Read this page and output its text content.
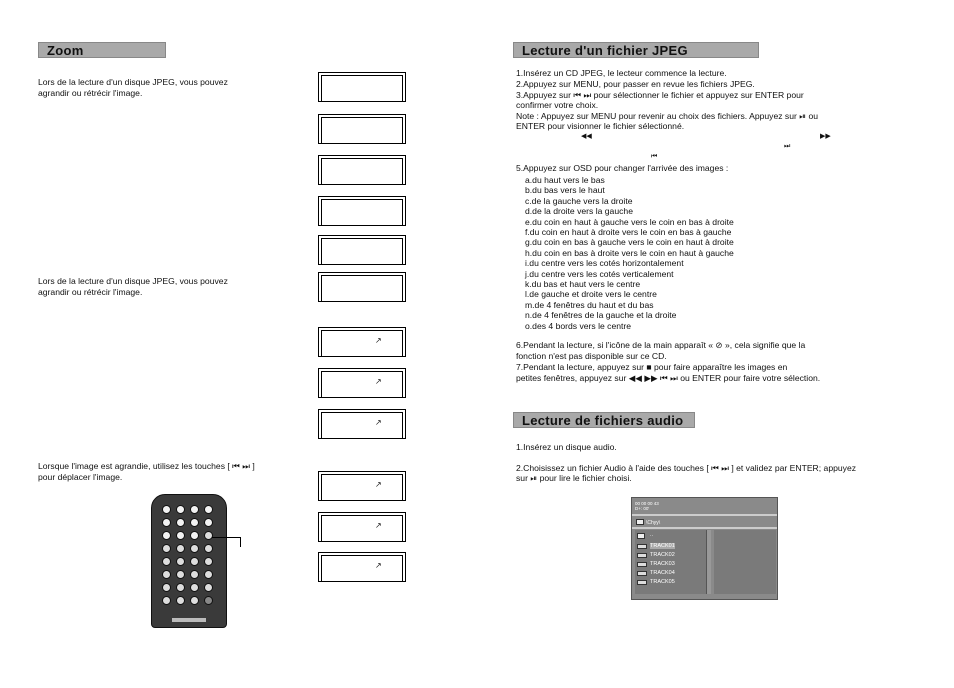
Zoom
Lors de la lecture d'un disque JPEG, vous pouvez
agrandir ou rétrécir l'image.
Lors de la lecture d'un disque JPEG, vous pouvez
agrandir ou rétrécir l'image.
Lorsque l'image est agrandie, utilisez les touches [ ⏮ ⏭ ]
pour déplacer l'image.
↗
↗
↗
↗
↗
↗
Lecture d'un fichier JPEG
1.Insérez un CD JPEG, le lecteur commence la lecture.
2.Appuyez sur MENU, pour passer en revue les fichiers JPEG.
3.Appuyez sur ⏮ ⏭ pour sélectionner le fichier et appuyez sur ENTER pour
confirmer votre choix.
Note : Appuyez sur MENU pour revenir au choix des fichiers. Appuyez sur ⏯ ou
ENTER pour visionner le fichier sélectionné.
◀◀	▶▶
⏭
⏮
5.Appuyez sur OSD pour changer l'arrivée des images :
a.du haut vers le bas
b.du bas vers le haut
c.de la gauche vers la droite
d.de la droite vers la gauche
e.du coin en haut à gauche vers le coin en bas à droite
f.du coin en haut à droite vers le coin en bas à gauche
g.du coin en bas à gauche vers le coin en haut à droite
h.du coin en bas à droite vers le coin en haut à gauche
i.du centre vers les cotés horizontalement
j.du centre vers les cotés verticalement
k.du bas et haut vers le centre
l.de gauche et droite vers le centre
m.de 4 fenêtres du haut et du bas
n.de 4 fenêtres de la gauche et la droite
o.des 4 bords vers le centre
6.Pendant la lecture, si l'icône de la main apparaît « ⊘ », cela signifie que la
fonction n'est pas disponible sur ce CD.
7.Pendant la lecture, appuyez sur ■ pour faire apparaître les images en
petites fenêtres, appuyez sur ◀◀ ▶▶ ⏮ ⏭ ou ENTER pour faire votre sélection.
Lecture de fichiers audio
1.Insérez un disque audio.
2.Choisissez un fichier Audio à l'aide des touches [ ⏮ ⏭ ] et validez par ENTER; appuyez
sur ⏯ pour lire le fichier choisi.
00 00 00 43
D+: 00'
\Chyy\
..
TRACK01
TRACK02
TRACK03
TRACK04
TRACK05
